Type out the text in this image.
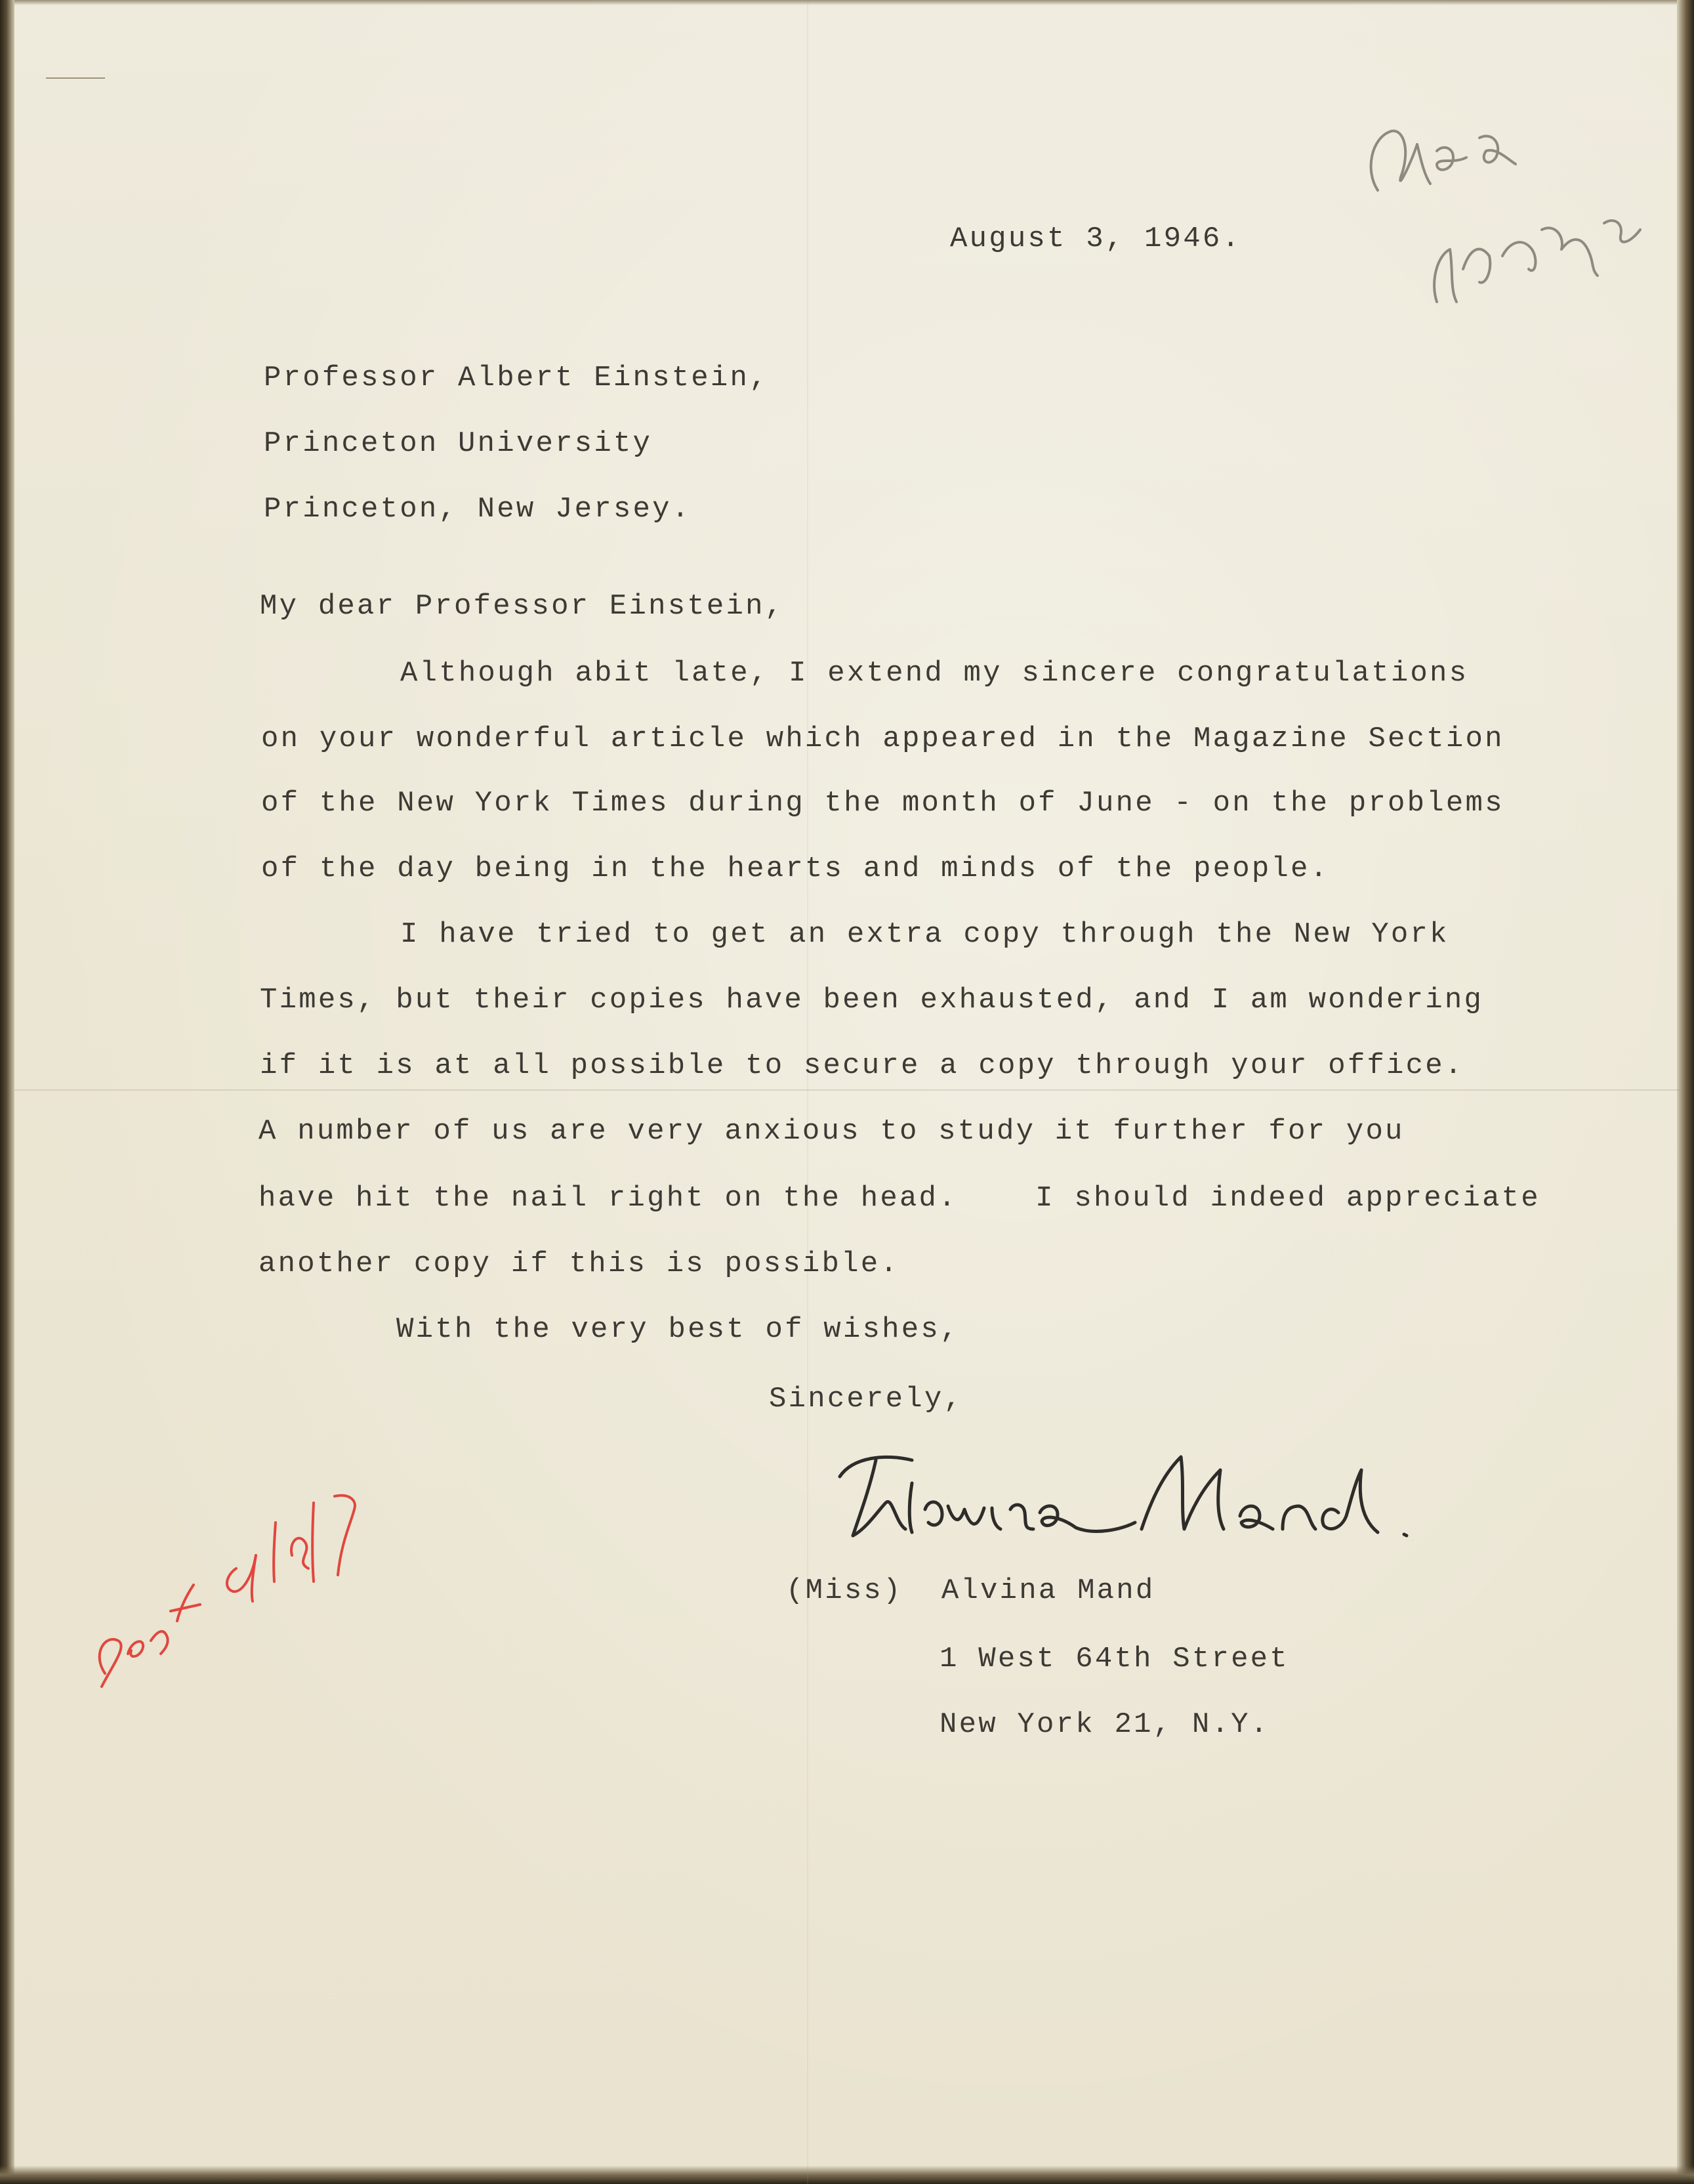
August 3, 1946.
Professor Albert Einstein,
Princeton University
Princeton, New Jersey.
My dear Professor Einstein,
Although abit late, I extend my sincere congratulations
on your wonderful article which appeared in the Magazine Section
of the New York Times during the month of June - on the problems
of the day being in the hearts and minds of the people.
I have tried to get an extra copy through the New York
Times, but their copies have been exhausted, and I am wondering
if it is at all possible to secure a copy through your office.
A number of us are very anxious to study it further for you
have hit the nail right on the head.    I should indeed appreciate
another copy if this is possible.
With the very best of wishes,
Sincerely,
(Miss)  Alvina Mand
1 West 64th Street
New York 21, N.Y.
